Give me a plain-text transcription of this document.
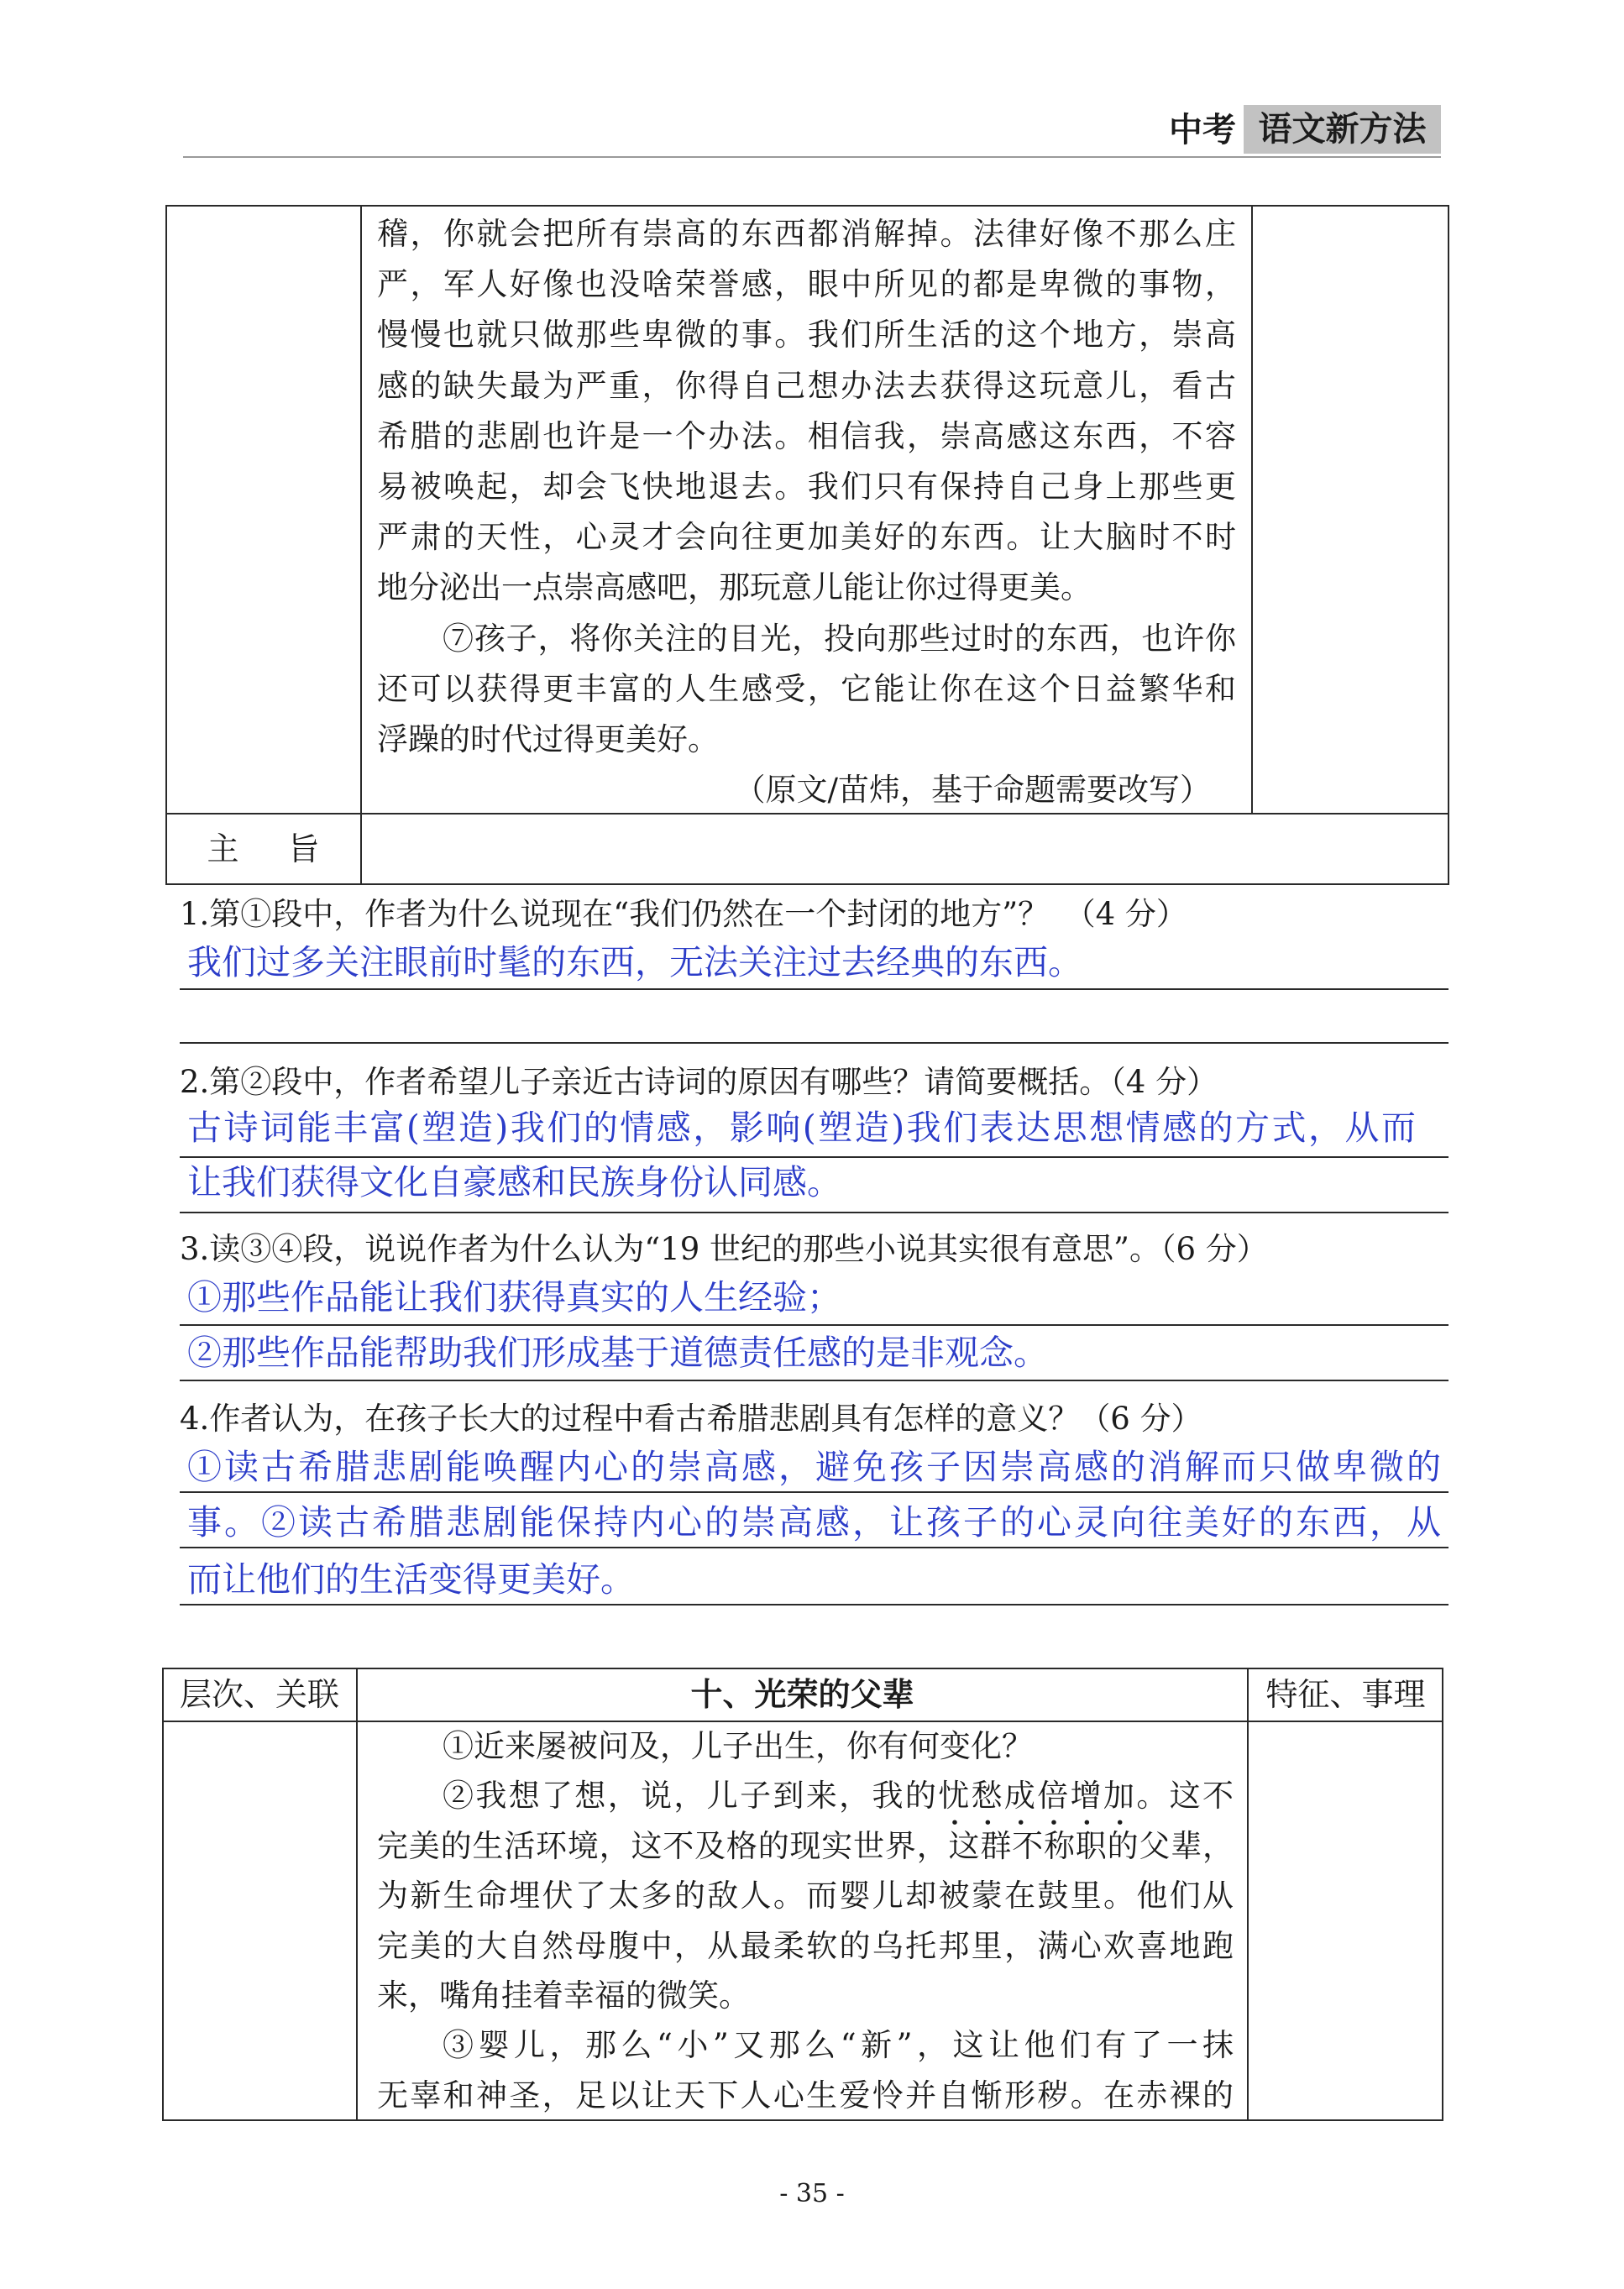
中考 语文新方法
稽，你就会把所有崇高的东西都消解掉。法律好像不那么庄
严，军人好像也没啥荣誉感，眼中所见的都是卑微的事物，
慢慢也就只做那些卑微的事。我们所生活的这个地方，崇高
感的缺失最为严重，你得自己想办法去获得这玩意儿，看古
希腊的悲剧也许是一个办法。相信我，崇高感这东西，不容
易被唤起，却会飞快地退去。我们只有保持自己身上那些更
严肃的天性，心灵才会向往更加美好的东西。让大脑时不时
地分泌出一点崇高感吧，那玩意儿能让你过得更美。
⑦孩子，将你关注的目光，投向那些过时的东西，也许你
还可以获得更丰富的人生感受，它能让你在这个日益繁华和
浮躁的时代过得更美好。
（原文/苗炜，基于命题需要改写）
主 旨
1.第①段中，作者为什么说现在“我们仍然在一个封闭的地方”？　（4 分）
我们过多关注眼前时髦的东西，无法关注过去经典的东西。
2.第②段中，作者希望儿子亲近古诗词的原因有哪些？请简要概括。（4 分）
古诗词能丰富(塑造)我们的情感，影响(塑造)我们表达思想情感的方式，从而
让我们获得文化自豪感和民族身份认同感。
3.读③④段，说说作者为什么认为“19 世纪的那些小说其实很有意思”。（6 分）
①那些作品能让我们获得真实的人生经验；
②那些作品能帮助我们形成基于道德责任感的是非观念。
4.作者认为，在孩子长大的过程中看古希腊悲剧具有怎样的意义？（6 分）
①读古希腊悲剧能唤醒内心的崇高感，避免孩子因崇高感的消解而只做卑微的
事。②读古希腊悲剧能保持内心的崇高感，让孩子的心灵向往美好的东西，从
而让他们的生活变得更美好。
层次、关联	十、光荣的父辈	特征、事理
①近来屡被问及，儿子出生，你有何变化？
②我想了想，说，儿子到来，我的忧愁成倍增加。这不
完美的生活环境，这不及格的现实世界，这群不称职的父辈，
为新生命埋伏了太多的敌人。而婴儿却被蒙在鼓里。他们从
完美的大自然母腹中，从最柔软的乌托邦里，满心欢喜地跑
来，嘴角挂着幸福的微笑。
③婴儿，那么“小”又那么“新”，这让他们有了一抹
无辜和神圣，足以让天下人心生爱怜并自惭形秽。在赤裸的
- 35 -
